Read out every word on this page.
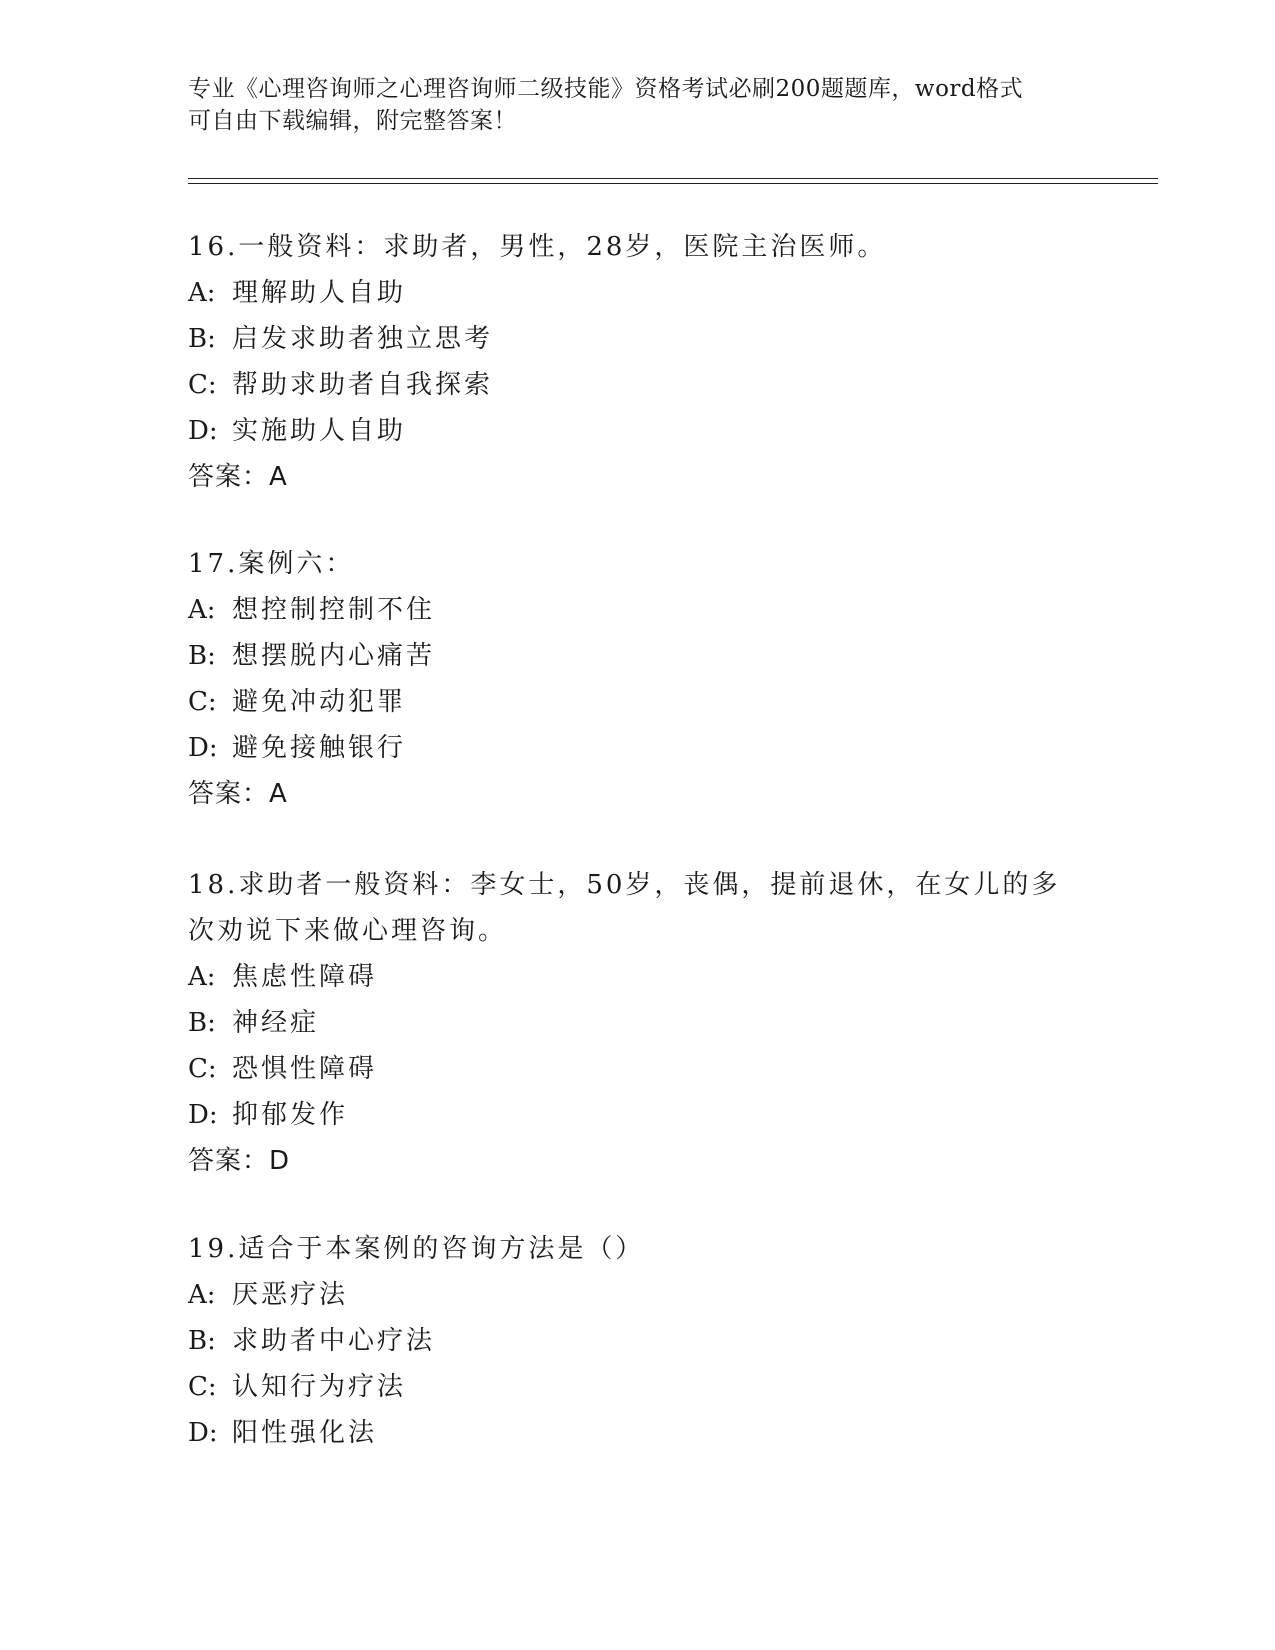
专业《心理咨询师之心理咨询师二级技能》资格考试必刷200题题库，word格式
可自由下载编辑，附完整答案！
16.一般资料：求助者，男性，28岁，医院主治医师。
A: 理解助人自助
B: 启发求助者独立思考
C: 帮助求助者自我探索
D: 实施助人自助
答案：A
17.案例六：
A: 想控制控制不住
B: 想摆脱内心痛苦
C: 避免冲动犯罪
D: 避免接触银行
答案：A
18.求助者一般资料：李女士，50岁，丧偶，提前退休，在女儿的多次劝说下来做心理咨询。
A: 焦虑性障碍
B: 神经症
C: 恐惧性障碍
D: 抑郁发作
答案：D
19.适合于本案例的咨询方法是（）
A: 厌恶疗法
B: 求助者中心疗法
C: 认知行为疗法
D: 阳性强化法
